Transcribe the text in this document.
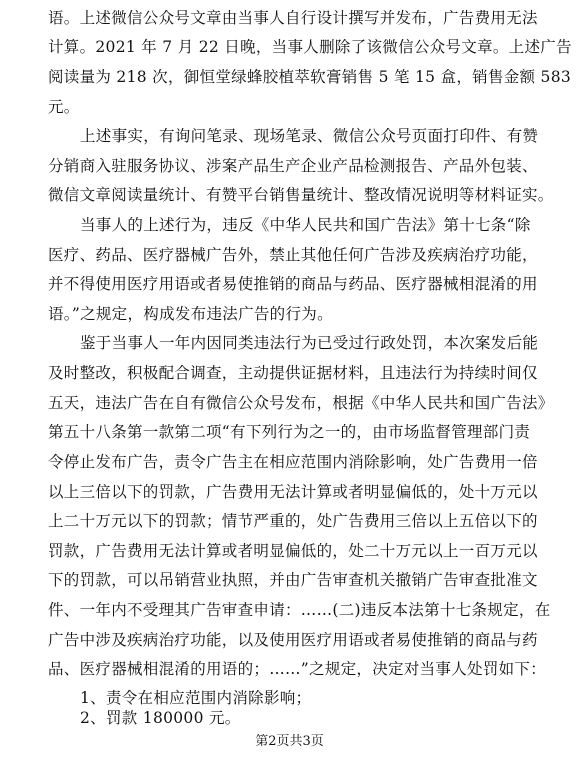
语。上述微信公众号文章由当事人自行设计撰写并发布，广告费用无法
计算。2021 年 7 月 22 日晚，当事人删除了该微信公众号文章。上述广告
阅读量为 218 次，御恒堂绿蜂胶植萃软膏销售 5 笔 15 盒，销售金额 583
元。
上述事实，有询问笔录、现场笔录、微信公众号页面打印件、有赞
分销商入驻服务协议、涉案产品生产企业产品检测报告、产品外包装、
微信文章阅读量统计、有赞平台销售量统计、整改情况说明等材料证实。
当事人的上述行为，违反《中华人民共和国广告法》第十七条“除
医疗、药品、医疗器械广告外，禁止其他任何广告涉及疾病治疗功能，
并不得使用医疗用语或者易使推销的商品与药品、医疗器械相混淆的用
语。”之规定，构成发布违法广告的行为。
鉴于当事人一年内因同类违法行为已受过行政处罚，本次案发后能
及时整改，积极配合调查，主动提供证据材料，且违法行为持续时间仅
五天，违法广告在自有微信公众号发布，根据《中华人民共和国广告法》
第五十八条第一款第二项“有下列行为之一的，由市场监督管理部门责
令停止发布广告，责令广告主在相应范围内消除影响，处广告费用一倍
以上三倍以下的罚款，广告费用无法计算或者明显偏低的，处十万元以
上二十万元以下的罚款；情节严重的，处广告费用三倍以上五倍以下的
罚款，广告费用无法计算或者明显偏低的，处二十万元以上一百万元以
下的罚款，可以吊销营业执照，并由广告审查机关撤销广告审查批准文
件、一年内不受理其广告审查申请：……(二)违反本法第十七条规定，在
广告中涉及疾病治疗功能，以及使用医疗用语或者易使推销的商品与药
品、医疗器械相混淆的用语的；……”之规定，决定对当事人处罚如下：
1、责令在相应范围内消除影响；
2、罚款 180000 元。
第2页共3页
